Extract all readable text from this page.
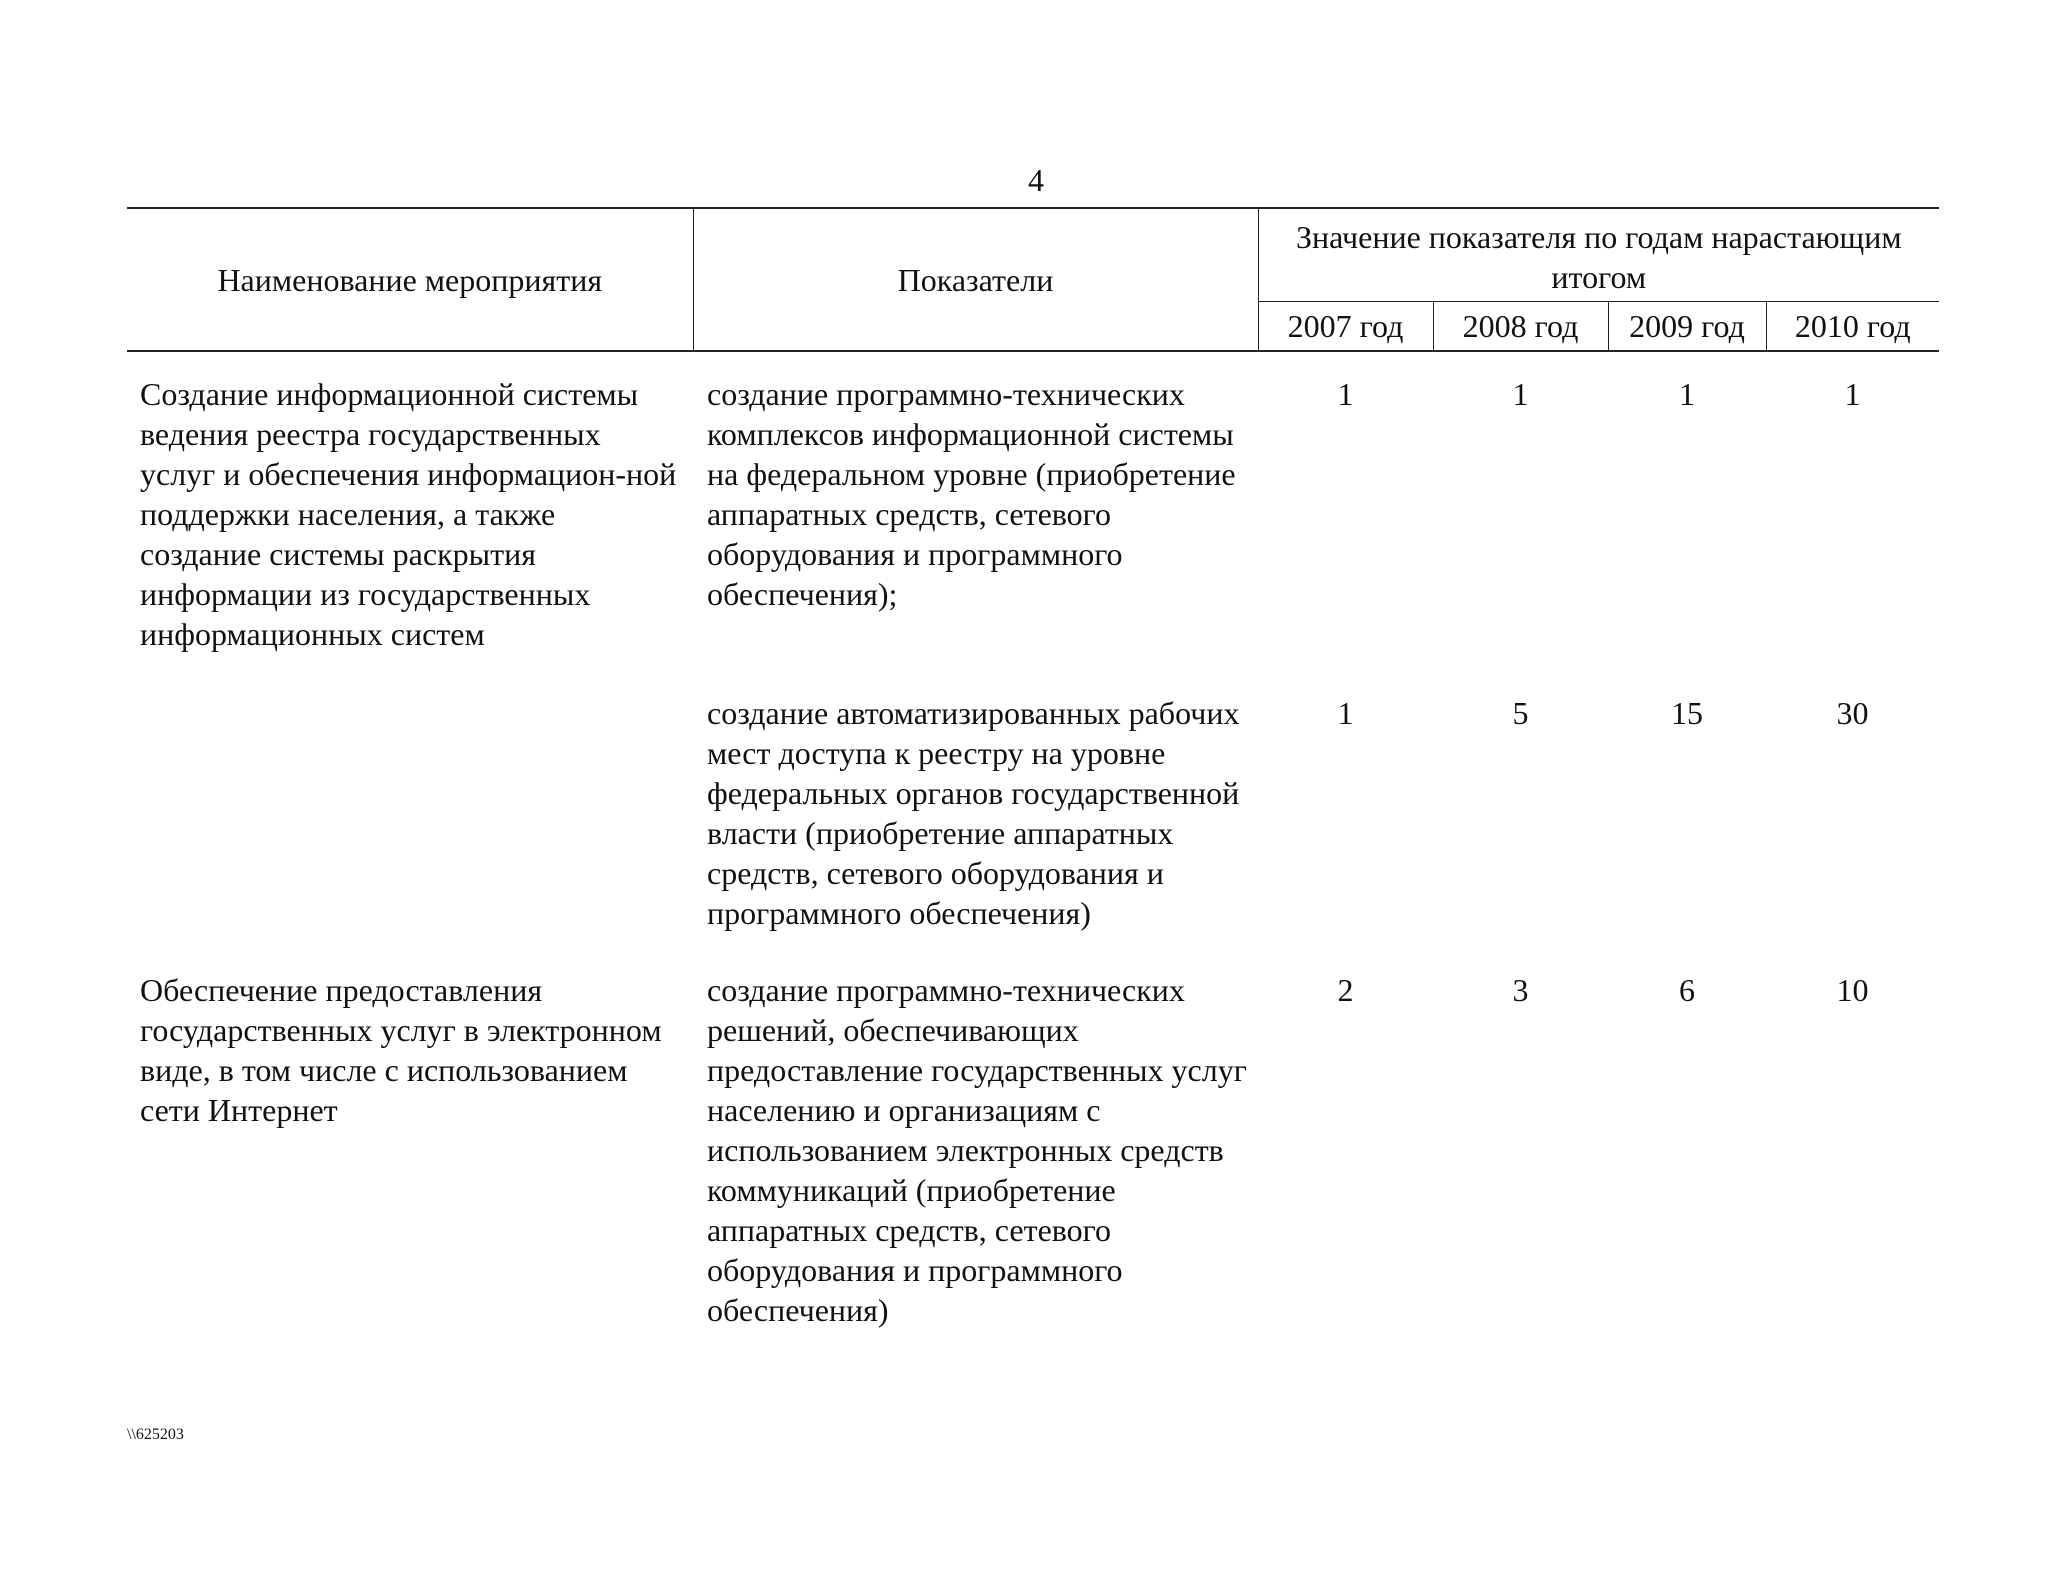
4
Наименование мероприятия	Показатели	Значение показателя по годам нарастающим итогом			
		2007 год	2008 год	2009 год	2010 год
Создание информационной системы ведения реестра государственных услуг и обеспечения информацион-ной поддержки населения, а также создание системы раскрытия информации из государственных информационных систем	создание программно-технических комплексов информационной системы на федеральном уровне (приобретение аппаратных средств, сетевого оборудования и программного обеспечения);	1	1	1	1
	создание автоматизированных рабочих мест доступа к реестру на уровне федеральных органов государственной власти (приобретение аппаратных средств, сетевого оборудования и программного обеспечения)	1	5	15	30
Обеспечение предоставления государственных услуг в электронном виде, в том числе с использованием сети Интернет	создание программно-технических решений, обеспечивающих предоставление государственных услуг населению и организациям с использованием электронных средств коммуникаций (приобретение аппаратных средств, сетевого оборудования и программного обеспечения)	2	3	6	10
\\625203
